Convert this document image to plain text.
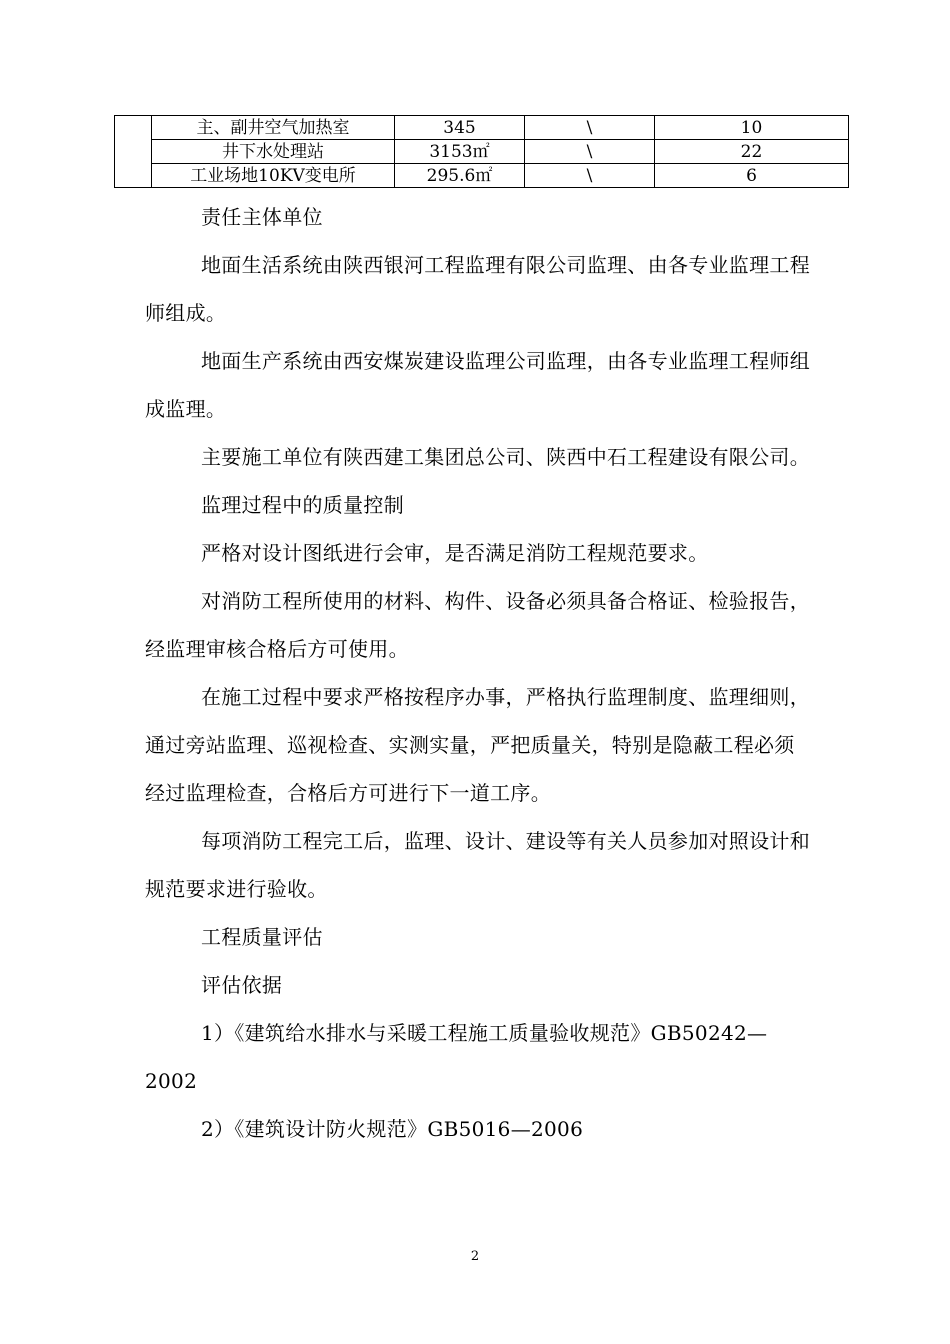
	主、副井空气加热室	345	\	10
	井下水处理站	3153㎡	\	22
	工业场地10KV变电所	295.6㎡	\	6

责任主体单位

地面生活系统由陕西银河工程监理有限公司监理、由各专业监理工程师组成。

地面生产系统由西安煤炭建设监理公司监理，由各专业监理工程师组成监理。

主要施工单位有陕西建工集团总公司、陕西中石工程建设有限公司。

监理过程中的质量控制

严格对设计图纸进行会审，是否满足消防工程规范要求。

对消防工程所使用的材料、构件、设备必须具备合格证、检验报告，经监理审核合格后方可使用。

在施工过程中要求严格按程序办事，严格执行监理制度、监理细则，通过旁站监理、巡视检查、实测实量，严把质量关，特别是隐蔽工程必须经过监理检查，合格后方可进行下一道工序。

每项消防工程完工后，监理、设计、建设等有关人员参加对照设计和规范要求进行验收。

工程质量评估

评估依据

1）《建筑给水排水与采暖工程施工质量验收规范》GB50242—2002

2）《建筑设计防火规范》GB5016—2006

2
